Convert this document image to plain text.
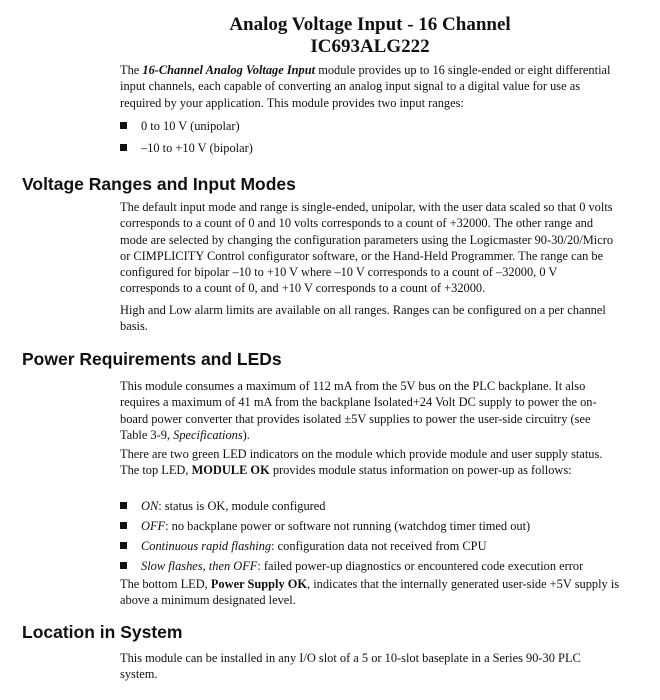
Analog Voltage Input - 16 Channel
IC693ALG222

The 16-Channel Analog Voltage Input module provides up to 16 single-ended or eight differential input channels, each capable of converting an analog input signal to a digital value for use as required by your application. This module provides two input ranges:

0 to 10 V (unipolar)
–10 to +10 V (bipolar)
Voltage Ranges and Input Modes

The default input mode and range is single-ended, unipolar, with the user data scaled so that 0 volts corresponds to a count of 0 and 10 volts corresponds to a count of +32000. The other range and mode are selected by changing the configuration parameters using the Logicmaster 90-30/20/Micro or CIMPLICITY Control configurator software, or the Hand-Held Programmer. The range can be configured for bipolar –10 to +10 V where –10 V corresponds to a count of –32000, 0 V corresponds to a count of 0, and +10 V corresponds to a count of +32000.

High and Low alarm limits are available on all ranges. Ranges can be configured on a per channel basis.

Power Requirements and LEDs

This module consumes a maximum of 112 mA from the 5V bus on the PLC backplane. It also requires a maximum of 41 mA from the backplane Isolated+24 Volt DC supply to power the on-board power converter that provides isolated ±5V supplies to power the user-side circuitry (see Table 3-9, Specifications).

There are two green LED indicators on the module which provide module and user supply status. The top LED, MODULE OK provides module status information on power-up as follows:

ON: status is OK, module configured
OFF: no backplane power or software not running (watchdog timer timed out)
Continuous rapid flashing: configuration data not received from CPU
Slow flashes, then OFF: failed power-up diagnostics or encountered code execution error

The bottom LED, Power Supply OK, indicates that the internally generated user-side +5V supply is above a minimum designated level.

Location in System

This module can be installed in any I/O slot of a 5 or 10-slot baseplate in a Series 90-30 PLC system.
